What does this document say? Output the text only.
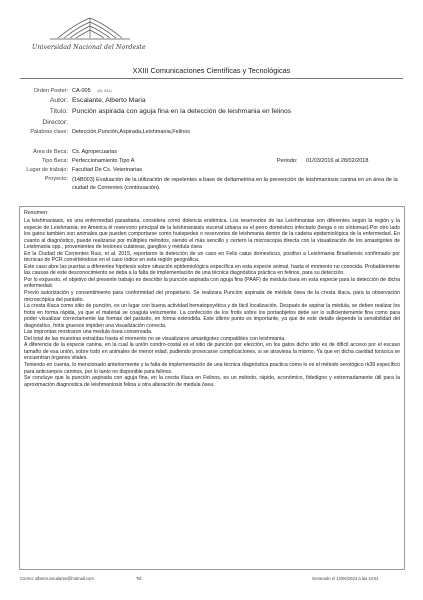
Universidad Nacional del Nordeste
XXIII Comunicaciones Científicas y Tecnológicas
Orden Poster: CA-005 (ID: 811)
Autor: Escalante, Alberto Maria
Titulo: Punción aspirada con aguja fina en la detección de leishmania en felinos
Director:
Palabras clave: Detección,Punción,Aspirada,Leishmania,Felinos
Área de Beca: Cs. Agropecuarias
Tipo Beca: Perfeccionamiento Tipo A	Periodo: 01/03/2016 al 28/02/2018
Lugar de trabajo: Facultad De Cs. Veterinarias
Proyecto: (14B003) Evaluación de la utilización de repelentes a base de deltametrina en la prevención de leishmaniosis canina en un área de la ciudad de Corrientes (continuación).
Resumen:

La leishmaniasis, es una enfermedad parasitaria, considera como dolencia endémica. Los reservorios de las Leishmanias son diferentes según la región y la especie de Leishmania; en América el reservorio principal de la leishmaniasis visceral urbana es el perro doméstico infectado (tenga o no síntomas).Por otro lado los gatos también son animales que pueden comportarse como huéspedes o reservorios de leishmania dentro de la cadena epidemiológica de la enfermedad. En cuanto al diagnóstico, puede realizarse por múltiples métodos, siendo el más sencillo y certero la microscopia directa con la visualización de los amastigotes de Leishmania spp., provenientes de lesiones cutáneas, ganglios y médula ósea

En la Ciudad de Corrientes Ruiz, et al. 2015, reportaron la detección de un caso en Felis catus domesticus, positivo a Leishmania Brasiliensis confirmado por técnicas de PCR convirtiéndose en el caso índice en esta región geográfica.

Este caso abre las puertas a diferentes hipótesis sobre situación epidemiológica específica en esta especie animal, hasta el momento no conocida. Probablemente las causas de este desconocimiento se deba a la falta de implementación de una técnica diagnóstica práctica en felinos, para su detección.

Por lo expuesto, el objetivo del presente trabajo es describir la punción aspirada con aguja fina (PAAF) de médula ósea en esta especie para la detección de dicha enfermedad.

Previo autorización y consentimiento para conformidad del propietario. Se realizara Punción aspirada de médula ósea de la cresta ilíaca, para la observación microscópica del parásito.

La cresta ilíaca como sitio de punción, es un lugar con buena actividad hematopoyética y de fácil localización. Después de aspirar la médula, se deben realizar los frotis en forma rápida, ya que el material se coagula velozmente. La confección de los frotis sobre los portaobjetos debe ser lo suficientemente fina como para poder visualizar correctamente las formas del parásito, en forma extendida. Este último punto es importante, ya que de este detalle depende la sensibilidad del diagnóstico, frotis gruesos impiden una visualización correcta.

Las improntas mostraron una medula ósea conservada.

Del total de las muestras extraídas hasta el momento no se visualizaron amastigotes compatibles con leishmania.

A diferencia de la especie canina, en la cual la unión condro-costal es el sitio de punción por elección, en los gatos dicho sitio es de difícil acceso por el escaso tamaño de esa unión, sobre todo en animales de menor edad, pudiendo provocarse complicaciones, si se atraviesa la mismo. Ya que en dicha cavidad torácica se encuentran órganos vitales.

Teniendo en cuenta, lo mencionado anteriormente y la falta de implementación de una técnica diagnóstica practica como lo es el método serológico rk39 específico para anticuerpos caninos, por lo tanto no disponible para felinos.

Se concluye que la punción aspirada con aguja fina, en la cresta ilíaca en Felinos, es un método, rápido, económico, fidedigno y extremadamente útil para la aproximación diagnostica de leishmaniosis felina u otra alteración de medula ósea.

Correo: alberto.escalante@hotmail.com	Tel:	Generado el 13/06/2023 a las 10:51
